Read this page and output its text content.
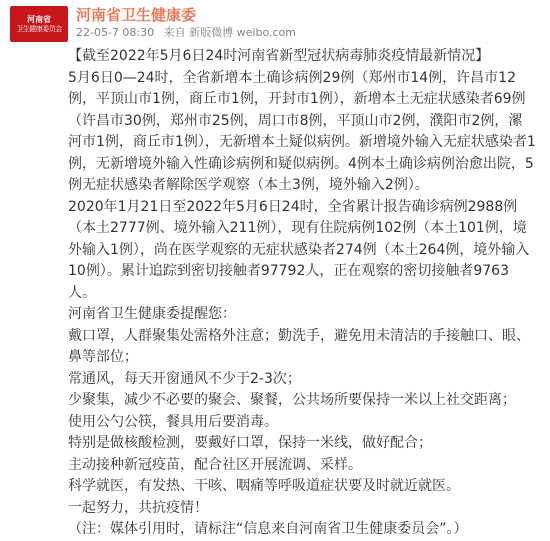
河南省
卫生健康委员会
河南省卫生健康委
22-05-7 08:30 来自 新版微博 weibo.com

【截至2022年5月6日24时河南省新型冠状病毒肺炎疫情最新情况】

5月6日0—24时，全省新增本土确诊病例29例（郑州市14例，许昌市12例，平顶山市1例，商丘市1例，开封市1例），新增本土无症状感染者69例（许昌市30例，郑州市25例，周口市8例，平顶山市2例，濮阳市2例，漯河市1例，商丘市1例），无新增本土疑似病例。新增境外输入无症状感染者1例，无新增境外输入性确诊病例和疑似病例。4例本土确诊病例治愈出院，5例无症状感染者解除医学观察（本土3例，境外输入2例）。

2020年1月21日至2022年5月6日24时，全省累计报告确诊病例2988例（本土2777例、境外输入211例），现有住院病例102例（本土101例，境外输入1例），尚在医学观察的无症状感染者274例（本土264例，境外输入10例）。累计追踪到密切接触者97792人，正在观察的密切接触者9763人。

河南省卫生健康委提醒您：

戴口罩，人群聚集处需格外注意；勤洗手，避免用未清洁的手接触口、眼、鼻等部位；

常通风，每天开窗通风不少于2-3次；

少聚集，减少不必要的聚会、聚餐，公共场所要保持一米以上社交距离；

使用公勺公筷，餐具用后要消毒。

特别是做核酸检测，要戴好口罩，保持一米线，做好配合；

主动接种新冠疫苗，配合社区开展流调、采样。

科学就医，有发热、干咳、咽痛等呼吸道症状要及时就近就医。

一起努力，共抗疫情！

（注：媒体引用时，请标注“信息来自河南省卫生健康委员会”。）
